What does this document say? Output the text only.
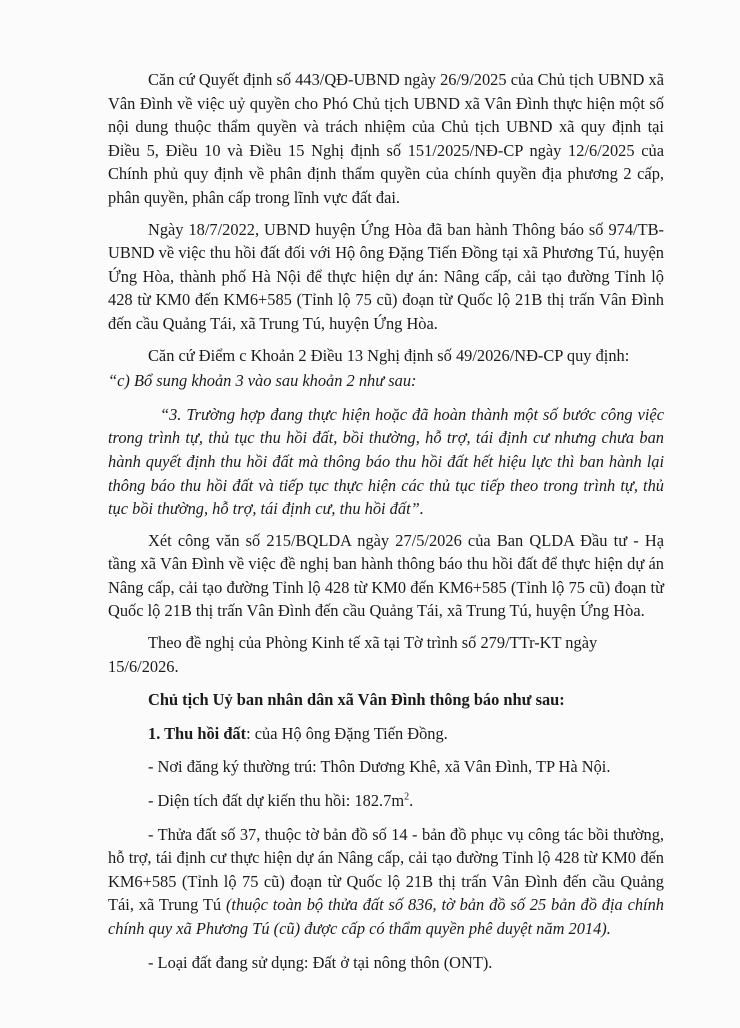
Căn cứ Quyết định số 443/QĐ-UBND ngày 26/9/2025 của Chủ tịch UBND xã Vân Đình về việc uỷ quyền cho Phó Chủ tịch UBND xã Vân Đình thực hiện một số nội dung thuộc thẩm quyền và trách nhiệm của Chủ tịch UBND xã quy định tại Điều 5, Điều 10 và Điều 15 Nghị định số 151/2025/NĐ-CP ngày 12/6/2025 của Chính phủ quy định về phân định thẩm quyền của chính quyền địa phương 2 cấp, phân quyền, phân cấp trong lĩnh vực đất đai.

Ngày 18/7/2022, UBND huyện Ứng Hòa đã ban hành Thông báo số 974/TB-UBND về việc thu hồi đất đối với Hộ ông Đặng Tiến Đồng tại xã Phương Tú, huyện Ứng Hòa, thành phố Hà Nội để thực hiện dự án: Nâng cấp, cải tạo đường Tỉnh lộ 428 từ KM0 đến KM6+585 (Tỉnh lộ 75 cũ) đoạn từ Quốc lộ 21B thị trấn Vân Đình đến cầu Quảng Tái, xã Trung Tú, huyện Ứng Hòa.

Căn cứ Điểm c Khoản 2 Điều 13 Nghị định số 49/2026/NĐ-CP quy định:

“c) Bổ sung khoản 3 vào sau khoản 2 như sau:

“3. Trường hợp đang thực hiện hoặc đã hoàn thành một số bước công việc trong trình tự, thủ tục thu hồi đất, bồi thường, hỗ trợ, tái định cư nhưng chưa ban hành quyết định thu hồi đất mà thông báo thu hồi đất hết hiệu lực thì ban hành lại thông báo thu hồi đất và tiếp tục thực hiện các thủ tục tiếp theo trong trình tự, thủ tục bồi thường, hỗ trợ, tái định cư, thu hồi đất”.

Xét công văn số 215/BQLDA ngày 27/5/2026 của Ban QLDA Đầu tư - Hạ tầng xã Vân Đình về việc đề nghị ban hành thông báo thu hồi đất để thực hiện dự án Nâng cấp, cải tạo đường Tỉnh lộ 428 từ KM0 đến KM6+585 (Tỉnh lộ 75 cũ) đoạn từ Quốc lộ 21B thị trấn Vân Đình đến cầu Quảng Tái, xã Trung Tú, huyện Ứng Hòa.

Theo đề nghị của Phòng Kinh tế xã tại Tờ trình số 279/TTr-KT ngày 15/6/2026.

Chủ tịch Uỷ ban nhân dân xã Vân Đình thông báo như sau:

1. Thu hồi đất: của Hộ ông Đặng Tiến Đồng.

- Nơi đăng ký thường trú: Thôn Dương Khê, xã Vân Đình, TP Hà Nội.

- Diện tích đất dự kiến thu hồi: $182.7m^2$.

- Thửa đất số 37, thuộc tờ bản đồ số 14 - bản đồ phục vụ công tác bồi thường, hỗ trợ, tái định cư thực hiện dự án Nâng cấp, cải tạo đường Tỉnh lộ 428 từ KM0 đến KM6+585 (Tỉnh lộ 75 cũ) đoạn từ Quốc lộ 21B thị trấn Vân Đình đến cầu Quảng Tái, xã Trung Tú (thuộc toàn bộ thửa đất số 836, tờ bản đồ số 25 bản đồ địa chính chính quy xã Phương Tú (cũ) được cấp có thẩm quyền phê duyệt năm 2014).

- Loại đất đang sử dụng: Đất ở tại nông thôn (ONT).
